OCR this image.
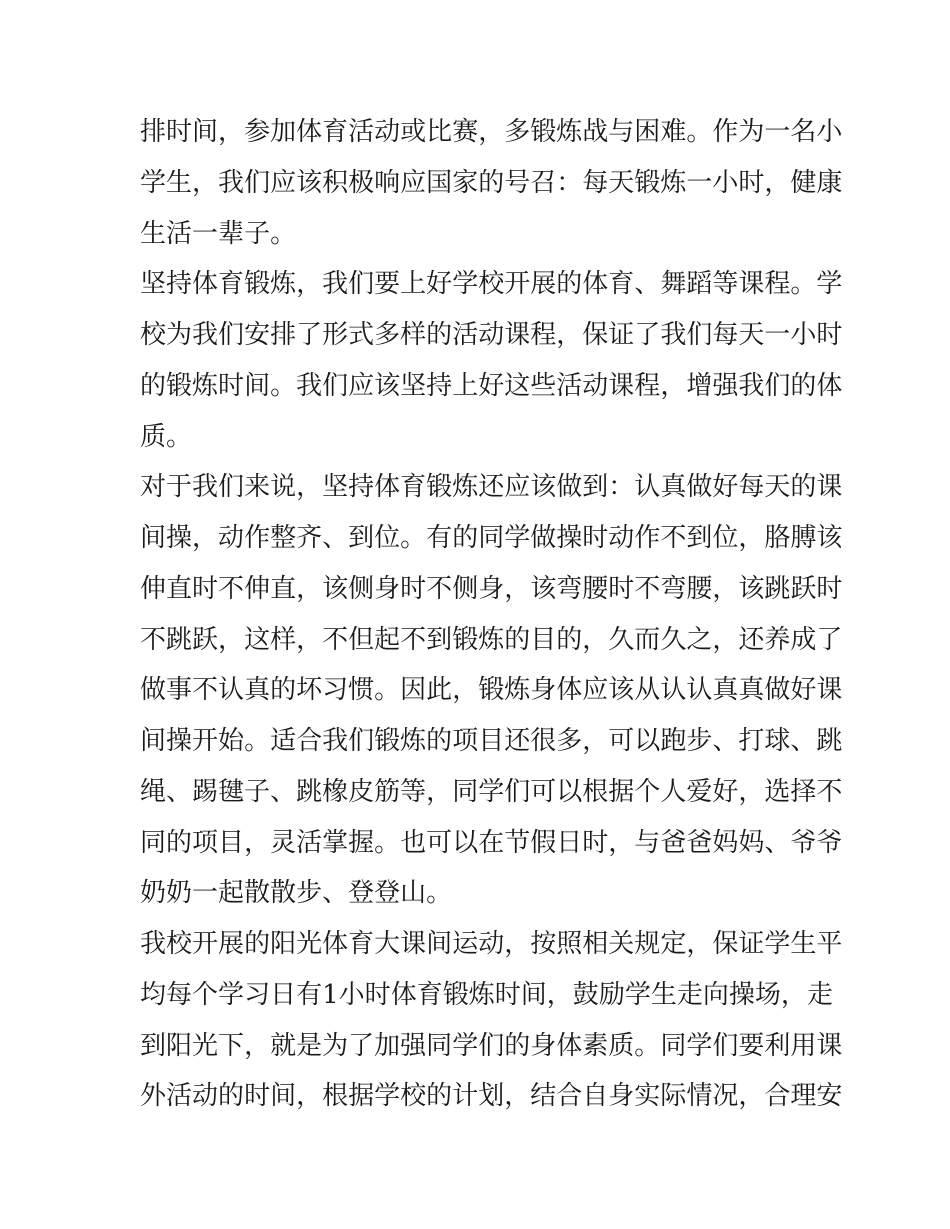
排 时 间 ， 参 加 体 育 活 动 或 比 赛 ， 多 锻 炼 战 与 困 难 。 作 为 一 名 小
学 生 ， 我 们 应 该 积 极 响 应 国 家 的 号 召 ： 每 天 锻 炼 一 小 时 ， 健 康
生 活 一 辈 子 。
坚 持 体 育 锻 炼 ， 我 们 要 上 好 学 校 开 展 的 体 育 、 舞 蹈 等 课 程 。 学
校 为 我 们 安 排 了 形 式 多 样 的 活 动 课 程 ， 保 证 了 我 们 每 天 一 小 时
的 锻 炼 时 间 。 我 们 应 该 坚 持 上 好 这 些 活 动 课 程 ， 增 强 我 们 的 体
质 。
对 于 我 们 来 说 ， 坚 持 体 育 锻 炼 还 应 该 做 到 ： 认 真 做 好 每 天 的 课
间 操 ， 动 作 整 齐 、 到 位 。 有 的 同 学 做 操 时 动 作 不 到 位 ， 胳 膊 该
伸 直 时 不 伸 直 ， 该 侧 身 时 不 侧 身 ， 该 弯 腰 时 不 弯 腰 ， 该 跳 跃 时
不 跳 跃 ， 这 样 ， 不 但 起 不 到 锻 炼 的 目 的 ， 久 而 久 之 ， 还 养 成 了
做 事 不 认 真 的 坏 习 惯 。 因 此 ， 锻 炼 身 体 应 该 从 认 认 真 真 做 好 课
间 操 开 始 。 适 合 我 们 锻 炼 的 项 目 还 很 多 ， 可 以 跑 步 、 打 球 、 跳
绳 、 踢 毽 子 、 跳 橡 皮 筋 等 ， 同 学 们 可 以 根 据 个 人 爱 好 ， 选 择 不
同 的 项 目 ， 灵 活 掌 握 。 也 可 以 在 节 假 日 时 ， 与 爸 爸 妈 妈 、 爷 爷
奶 奶 一 起 散 散 步 、 登 登 山 。
我 校 开 展 的 阳 光 体 育 大 课 间 运 动 ， 按 照 相 关 规 定 ， 保 证 学 生 平
均 每 个 学 习 日 有 1 小 时 体 育 锻 炼 时 间 ， 鼓 励 学 生 走 向 操 场 ， 走
到 阳 光 下 ， 就 是 为 了 加 强 同 学 们 的 身 体 素 质 。 同 学 们 要 利 用 课
外 活 动 的 时 间 ， 根 据 学 校 的 计 划 ， 结 合 自 身 实 际 情 况 ， 合 理 安
